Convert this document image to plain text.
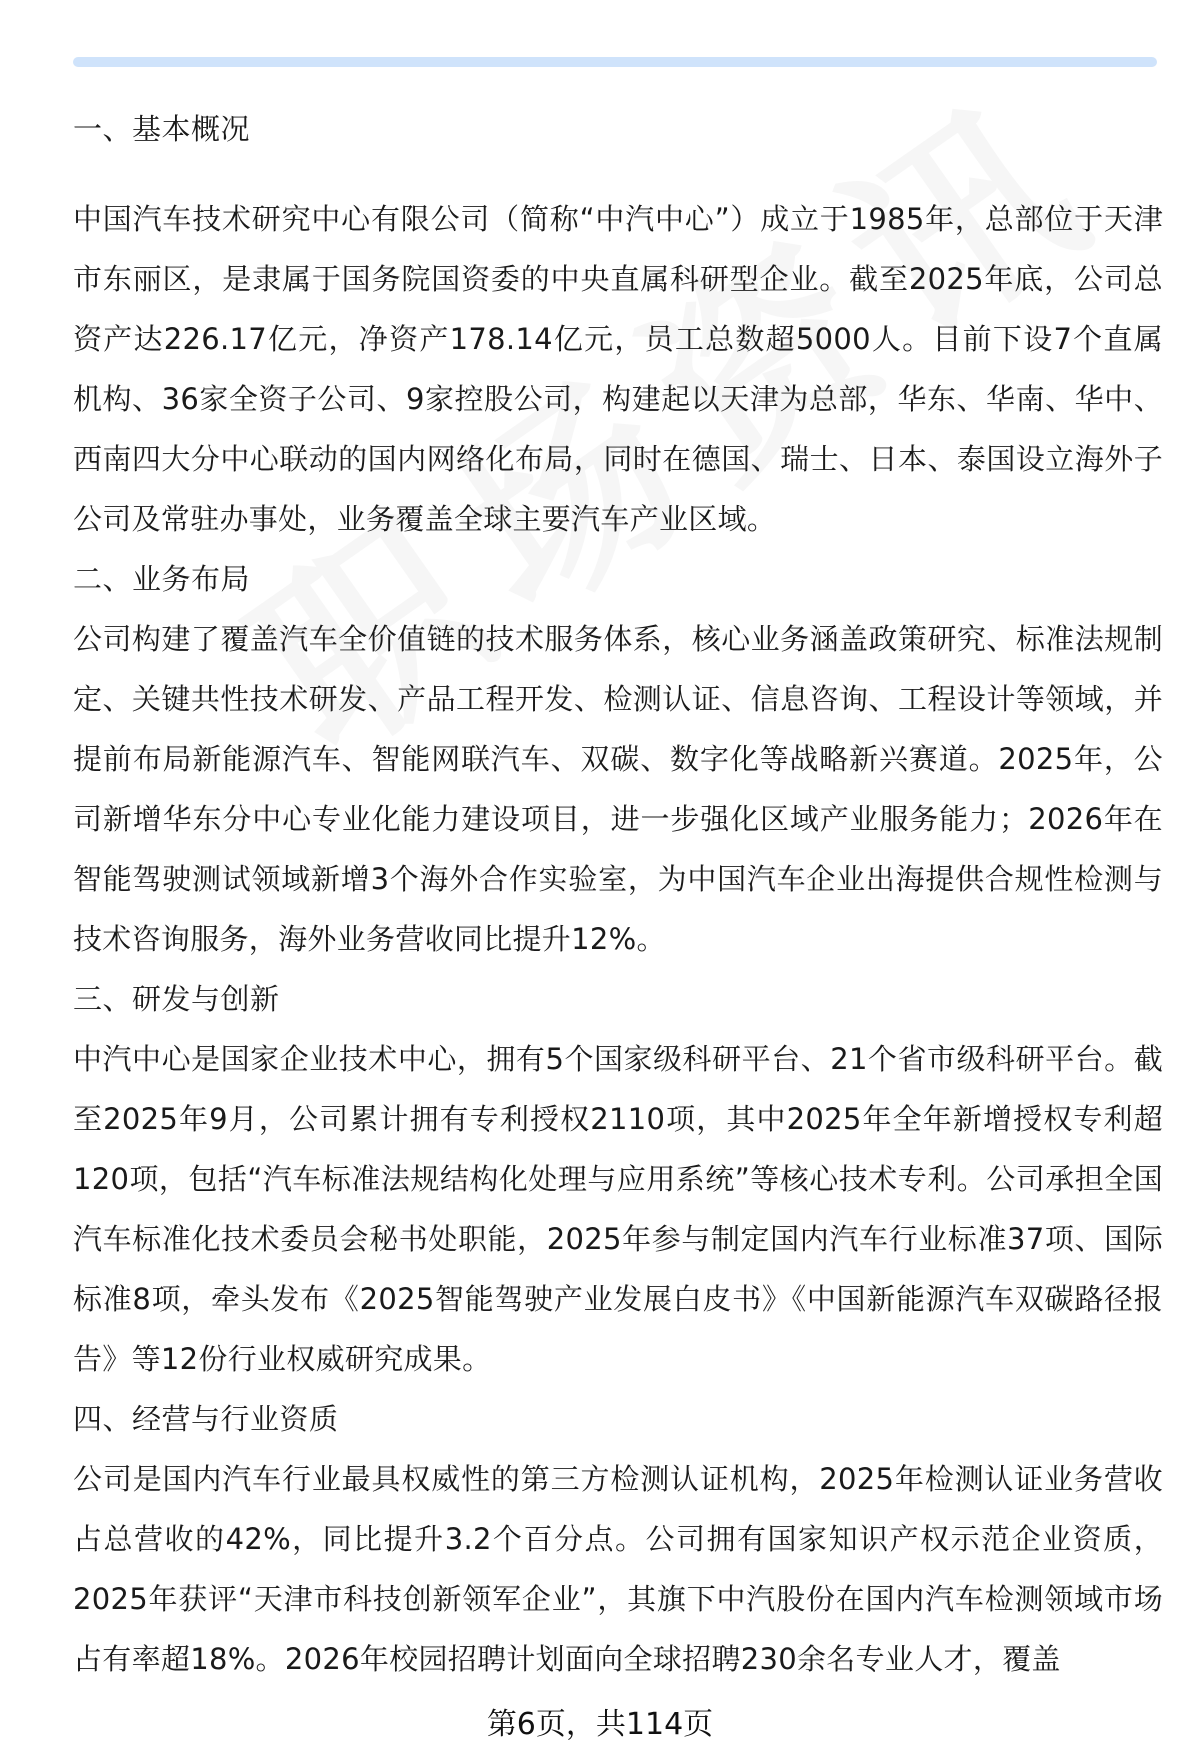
一、基本概况

中国汽车技术研究中心有限公司（简称“中汽中心”）成立于1985年，总部位于天津市东丽区，是隶属于国务院国资委的中央直属科研型企业。截至2025年底，公司总资产达226.17亿元，净资产178.14亿元，员工总数超5000人。目前下设7个直属机构、36家全资子公司、9家控股公司，构建起以天津为总部，华东、华南、华中、西南四大分中心联动的国内网络化布局，同时在德国、瑞士、日本、泰国设立海外子公司及常驻办事处，业务覆盖全球主要汽车产业区域。

二、业务布局

公司构建了覆盖汽车全价值链的技术服务体系，核心业务涵盖政策研究、标准法规制定、关键共性技术研发、产品工程开发、检测认证、信息咨询、工程设计等领域，并提前布局新能源汽车、智能网联汽车、双碳、数字化等战略新兴赛道。2025年，公司新增华东分中心专业化能力建设项目，进一步强化区域产业服务能力；2026年在智能驾驶测试领域新增3个海外合作实验室，为中国汽车企业出海提供合规性检测与技术咨询服务，海外业务营收同比提升12%。

三、研发与创新

中汽中心是国家企业技术中心，拥有5个国家级科研平台、21个省市级科研平台。截至2025年9月，公司累计拥有专利授权2110项，其中2025年全年新增授权专利超120项，包括“汽车标准法规结构化处理与应用系统”等核心技术专利。公司承担全国汽车标准化技术委员会秘书处职能，2025年参与制定国内汽车行业标准37项、国际标准8项，牵头发布《2025智能驾驶产业发展白皮书》《中国新能源汽车双碳路径报告》等12份行业权威研究成果。

四、经营与行业资质

公司是国内汽车行业最具权威性的第三方检测认证机构，2025年检测认证业务营收占总营收的42%，同比提升3.2个百分点。公司拥有国家知识产权示范企业资质，2025年获评“天津市科技创新领军企业”，其旗下中汽股份在国内汽车检测领域市场占有率超18%。2026年校园招聘计划面向全球招聘230余名专业人才，覆盖

第6页，共114页
